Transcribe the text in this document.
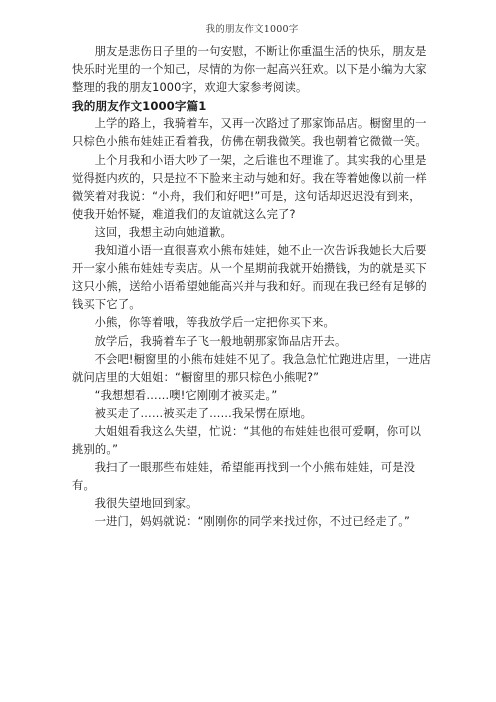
我的朋友作文1000字

朋友是悲伤日子里的一句安慰，不断让你重温生活的快乐，朋友是快乐时光里的一个知己，尽情的为你一起高兴狂欢。以下是小编为大家整理的我的朋友1000字，欢迎大家参考阅读。

我的朋友作文1000字篇1

上学的路上，我骑着车，又再一次路过了那家饰品店。橱窗里的一只棕色小熊布娃娃正看着我，仿佛在朝我微笑。我也朝着它微微一笑。

上个月我和小语大吵了一架，之后谁也不理谁了。其实我的心里是觉得挺内疚的，只是拉不下脸来主动与她和好。我在等着她像以前一样微笑着对我说：“小舟，我们和好吧!”可是，这句话却迟迟没有到来，使我开始怀疑，难道我们的友谊就这么完了?

这回，我想主动向她道歉。

我知道小语一直很喜欢小熊布娃娃，她不止一次告诉我她长大后要开一家小熊布娃娃专卖店。从一个星期前我就开始攒钱，为的就是买下这只小熊，送给小语希望她能高兴并与我和好。而现在我已经有足够的钱买下它了。

小熊，你等着哦，等我放学后一定把你买下来。

放学后，我骑着车子飞一般地朝那家饰品店开去。

不会吧!橱窗里的小熊布娃娃不见了。我急急忙忙跑进店里，一进店就问店里的大姐姐：“橱窗里的那只棕色小熊呢?”

“我想想看……噢!它刚刚才被买走。”

被买走了……被买走了……我呆愣在原地。

大姐姐看我这么失望，忙说：“其他的布娃娃也很可爱啊，你可以挑别的。”

我扫了一眼那些布娃娃，希望能再找到一个小熊布娃娃，可是没有。

我很失望地回到家。

一进门，妈妈就说：“刚刚你的同学来找过你，不过已经走了。”
